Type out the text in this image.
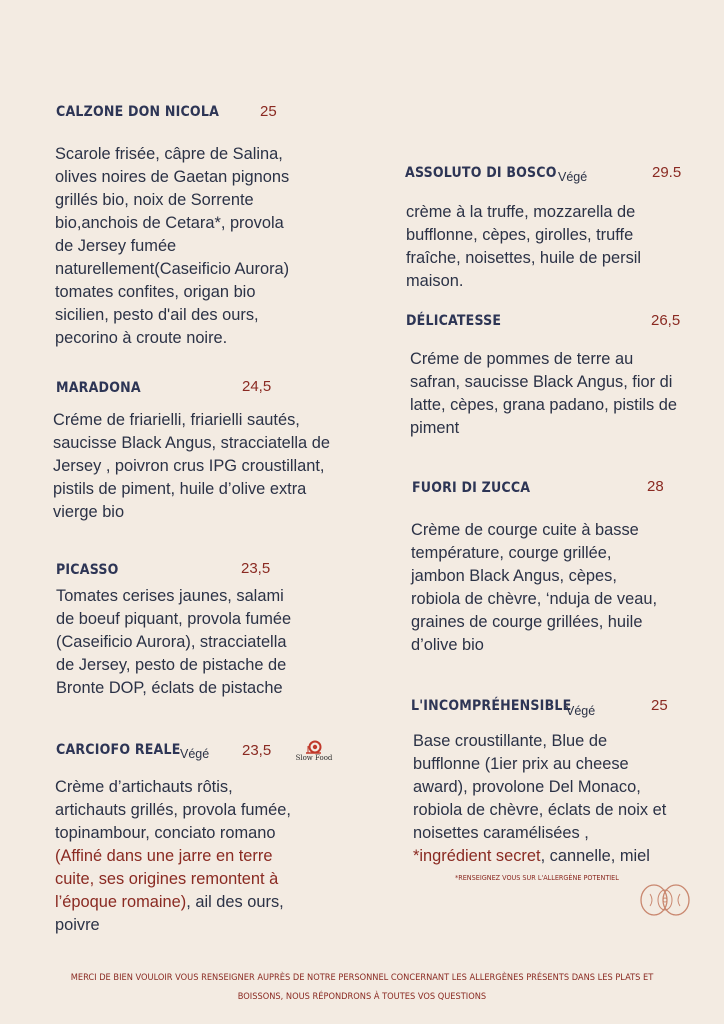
CALZONE DON NICOLA	25
Scarole frisée, câpre de Salina,
olives noires de Gaetan pignons
grillés bio, noix de Sorrente
bio,anchois de Cetara*, provola
de Jersey fumée
naturellement(Caseificio Aurora)
tomates confites, origan bio
sicilien, pesto d'ail des ours,
pecorino à croute noire.
MARADONA	24,5
Créme de friarielli, friarielli sautés,
saucisse Black Angus, stracciatella de
Jersey , poivron crus IPG croustillant,
pistils de piment, huile d’olive extra
vierge bio
PICASSO	23,5
Tomates cerises jaunes, salami
de boeuf piquant, provola fumée
(Caseificio Aurora), stracciatella
de Jersey, pesto de pistache de
Bronte DOP, éclats de pistache
CARCIOFO REALE Végé 23,5	Slow Food
Crème d’artichauts rôtis,
artichauts grillés, provola fumée,
topinambour, conciato romano
(Affiné dans une jarre en terre
cuite, ses origines remontent à
l’époque romaine), ail des ours,
poivre
ASSOLUTO DI BOSCO Végé	29.5
crème à la truffe, mozzarella de
bufflonne, cèpes, girolles, truffe
fraîche, noisettes, huile de persil
maison.
DÉLICATESSE	26,5
Créme de pommes de terre au
safran, saucisse Black Angus, fior di
latte, cèpes, grana padano, pistils de
piment
FUORI DI ZUCCA	28
Crème de courge cuite à basse
température, courge grillée,
jambon Black Angus, cèpes,
robiola de chèvre, ‘nduja de veau,
graines de courge grillées, huile
d’olive bio
L'INCOMPRÉHENSIBLE
Végé	25
Base croustillante, Blue de
bufflonne (1ier prix au cheese
award), provolone Del Monaco,
robiola de chèvre, éclats de noix et
noisettes caramélisées ,
*ingrédient secret, cannelle, miel
*RENSEIGNEZ VOUS SUR L'ALLERGÈNE POTENTIEL
MERCI DE BIEN VOULOIR VOUS RENSEIGNER AUPRÈS DE NOTRE PERSONNEL CONCERNANT LES ALLERGÈNES PRÉSENTS DANS LES PLATS ET
BOISSONS, NOUS RÉPONDRONS À TOUTES VOS QUESTIONS
